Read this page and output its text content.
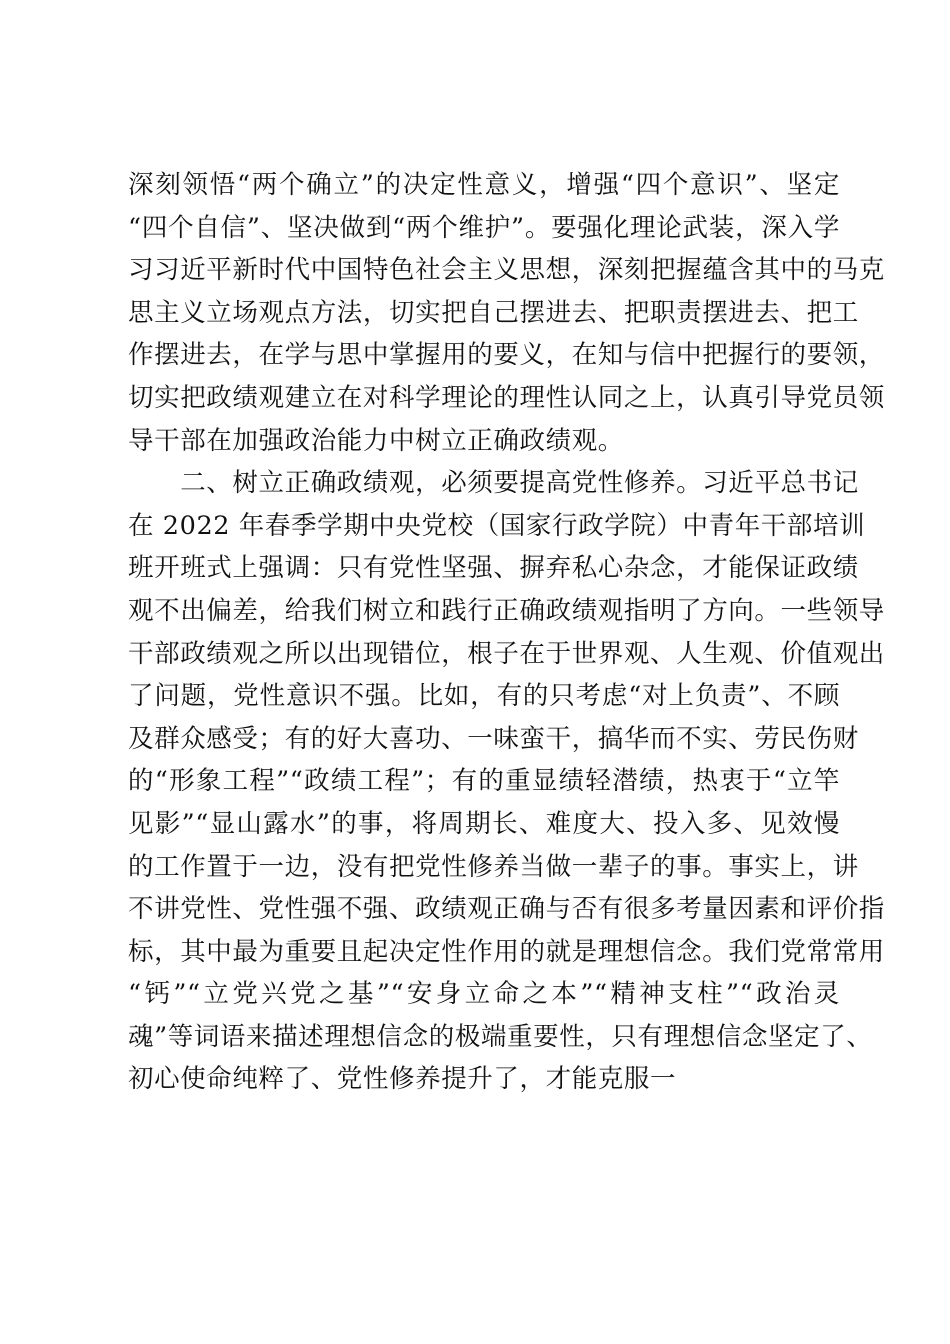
深刻领悟“两个确立”的决定性意义，增强“四个意识”、坚定
“四个自信”、坚决做到“两个维护”。要强化理论武装，深入学
习习近平新时代中国特色社会主义思想，深刻把握蕴含其中的马克
思主义立场观点方法，切实把自己摆进去、把职责摆进去、把工
作摆进去，在学与思中掌握用的要义，在知与信中把握行的要领，
切实把政绩观建立在对科学理论的理性认同之上，认真引导党员领
导干部在加强政治能力中树立正确政绩观。
　　二、树立正确政绩观，必须要提高党性修养。习近平总书记
在 2022 年春季学期中央党校（国家行政学院）中青年干部培训
班开班式上强调：只有党性坚强、摒弃私心杂念，才能保证政绩
观不出偏差，给我们树立和践行正确政绩观指明了方向。一些领导
干部政绩观之所以出现错位，根子在于世界观、人生观、价值观出
了问题，党性意识不强。比如，有的只考虑“对上负责”、不顾
及群众感受；有的好大喜功、一味蛮干，搞华而不实、劳民伤财
的“形象工程”“政绩工程”；有的重显绩轻潜绩，热衷于“立竿
见影”“显山露水”的事，将周期长、难度大、投入多、见效慢
的工作置于一边，没有把党性修养当做一辈子的事。事实上，讲
不讲党性、党性强不强、政绩观正确与否有很多考量因素和评价指
标，其中最为重要且起决定性作用的就是理想信念。我们党常常用
“钙”“立党兴党之基”“安身立命之本”“精神支柱”“政治灵
魂”等词语来描述理想信念的极端重要性，只有理想信念坚定了、
初心使命纯粹了、党性修养提升了，才能克服一
